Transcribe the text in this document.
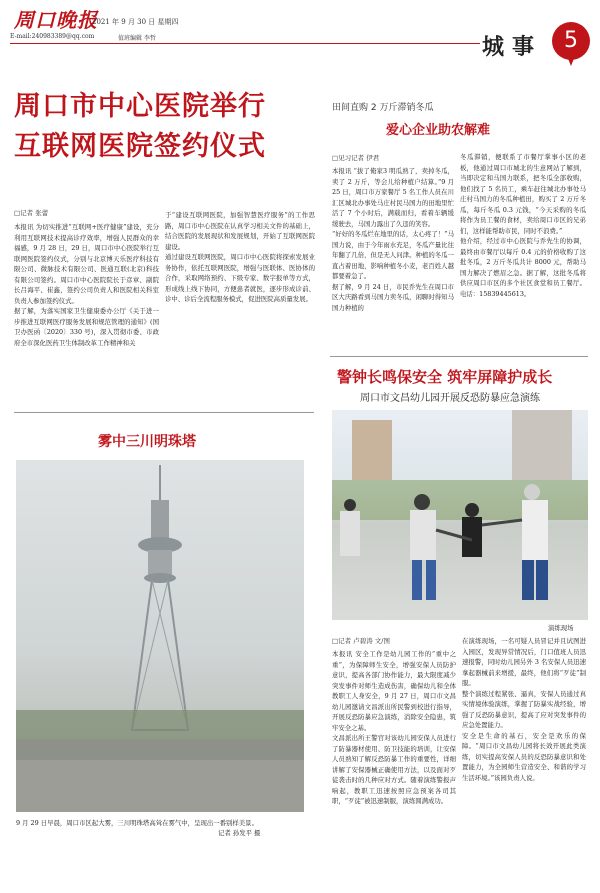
周口晚报
2021 年 9 月 30 日 星期四
E-mail:240983389@qq.com	值班编辑 李哲	城事	5
周口市中心医院举行
互联网医院签约仪式
□记者 张蕾
本报讯 为切实推进“互联网+医疗健康”建设，充分利用互联网技术提高诊疗效率，增强人民群众的幸福感，9 月 28 日，29 日，周口市中心医院举行互联网医院签约仪式，分别与北京博天乐医疗科技有限公司、微脉技术有限公司、医通互联(北京)科技有限公司签约。周口市中心医院院长于彦章、副院长吕海平、崔鑫，签约公司负责人和医院相关科室负责人参加签约仪式。
据了解，为落实国家卫生健康委办公厅《关于进一步推进互联网医疗服务发展和规范管理的通知》(国卫办医函〔2020〕330 号)，深入贯彻市委、市政府全市深化医药卫生体制改革工作精神和关
于“建设互联网医院，加强智慧医疗服务”的工作思路，周口市中心医院在认真学习相关文件的基础上，结合医院的发展现状和发展规划，开始了互联网医院建设。
通过建设互联网医院，周口市中心医院将探索发展业务协作，依托互联网医院，增强与医联体、医协体的合作，采取网络预约、下级专家、数字报单等方式，形成线上线下协同，方便患者就医，逐步形成诊前、诊中、诊后全流程服务模式，促进医院高质量发展。
田间直购 2 万斤滞销冬瓜
爱心企业助农解难
□见习记者 伊君
本报讯 “拔了俺家3 明瓜熟了，卖掉冬瓜，卖了 2 万斤，等会儿给种植户结算。”9 月 25 日，周口市万家餐厅 5 名工作人员在川汇区城北办事处马庄村民马国力的田地里忙活了 7 个小时后，满载而归，看着车辆缓缓驶去，马国力露出了久违的笑容。
“好好的冬瓜烂在地里的话，太心疼了！”马国力说，由于今年雨水充足，冬瓜产量比往年翻了几倍，但是无人问津。种植的冬瓜一直占着田地，影响种植冬小麦，老百姓人越都要着急了。
据了解，9 月 24 日，市民乔先生在周口市区大庆路看到马国力卖冬瓜，闲聊时得知马国力种植的
冬瓜滞销，便联系了市餐厅掌事小区的老板，他通过周口市城北的生意网站了解到，当即决定和马国力联系，把冬瓜全部收购，他们找了 5 名员工，乘车赶往城北办事处马庄村马国力的冬瓜种植田，购买了 2 万斤冬瓜，每斤冬瓜 0.3 元钱，“今天采购的冬瓜将作为员工餐的食材，卖给周口市区的兄弟们，这样能帮助市民，同时不浪费。”
他介绍，经过市中心医院与乔先生的协调，最终由市餐厅以每斤 0.4 元的价格收购了这批冬瓜，2 万斤冬瓜共计 8000 元，帮助马国力解决了燃眉之急。据了解，这批冬瓜将供应周口市区的多个社区食堂和员工餐厅。电话：15839445613。
雾中三川明珠塔
9 月 29 日早晨，周口市区起大雾，三川明珠塔高耸在雾气中，呈现出一番别样美景。
记者 孙发平 摄
警钟长鸣保安全 筑牢屏障护成长
周口市文昌幼儿园开展反恐防暴应急演练
演练现场
□记者 卢碧涛 文/图
本报讯 安全工作是幼儿园工作的“重中之重”，为保障师生安全，增强安保人员防护意识，提高各部门协作能力，最大限度减少突发事件对师生造成伤害，确保幼儿和全体教职工人身安全，9 月 27 日，周口市文昌幼儿园邀请文昌派出所民警到校进行指导，开展反恐防暴应急演练，消除安全隐患，筑牢安全之基。
文昌派出所王警官对该幼儿园安保人员进行了防暴器材使用、防卫技能的培训，让安保人员熟知了解反恐防暴工作的重要性，详细讲解了安保器械正确使用方法，以及面对歹徒袭击时的几种应对方式。随着演练警报声响起，教职工迅速按照应急预案各司其职，“歹徒”被迅速制服，演练圆满成功。
在演练现场，一名可疑人员冒记并且试图进入园区，发现异常情况后，门口值班人员迅速报警，同时幼儿园另外 3 名安保人员迅速拿起器械前来增援，最终，他们将“歹徒”制服。
整个演练过程紧张、逼真，安保人员通过真实情境体验演练，掌握了防暴实战经验，增强了反恐防暴意识，提高了应对突发事件的应急处置能力。
安全是生命的基石，安全是欢乐的保障。“周口市文昌幼儿园将长效开展此类演练，切实提高安保人员的反恐防暴意识和处置能力，为全园师生营造安全、和谐的学习生活环境。”该园负责人说。
